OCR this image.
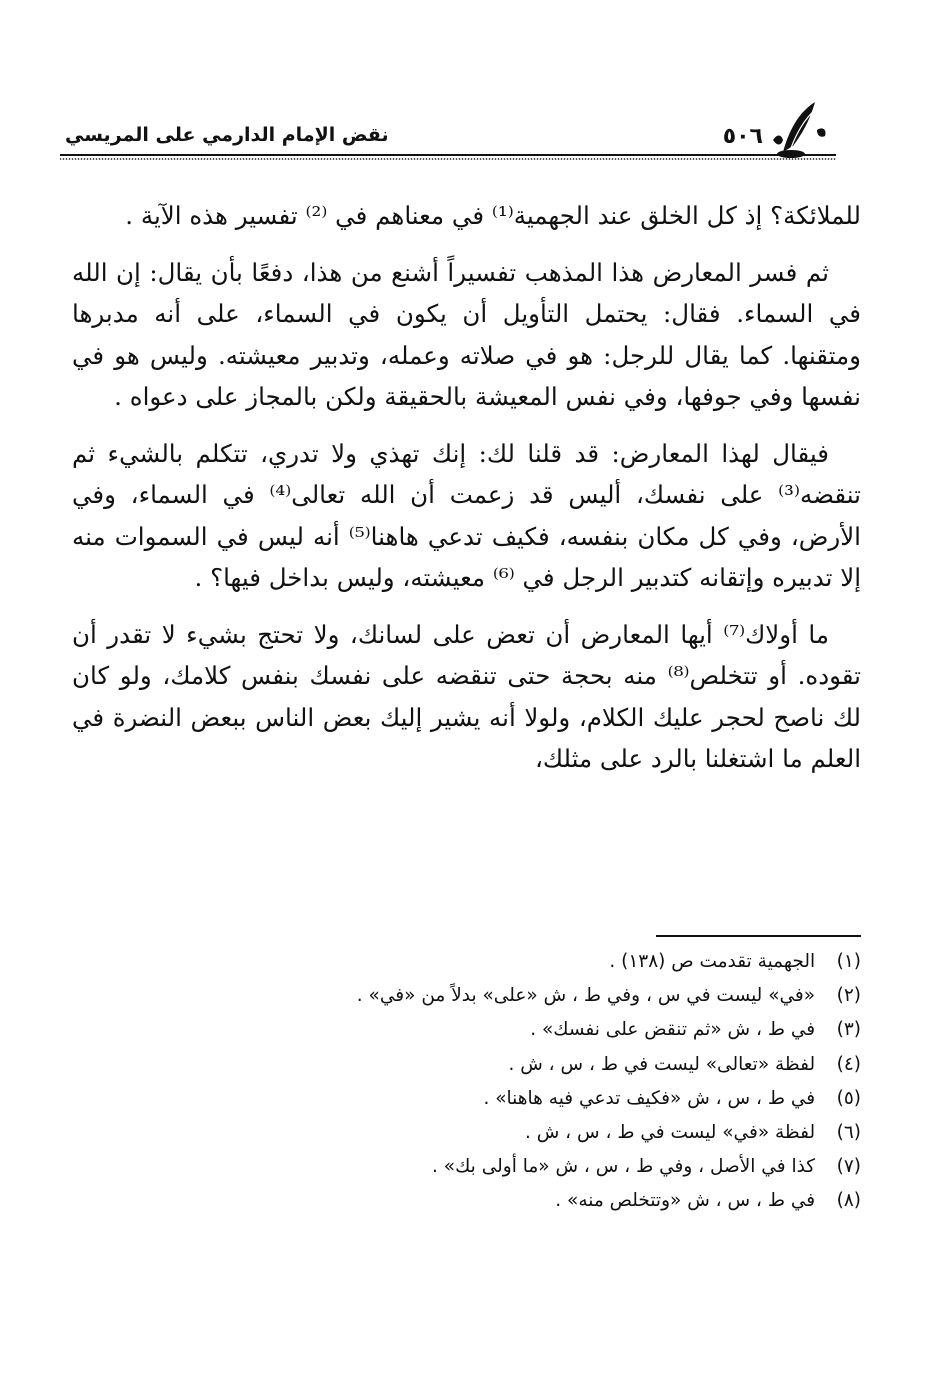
نقض الإمام الدارمي على المريسي	٥٠٦

للملائكة؟ إذ كل الخلق عند الجهمية⁽¹⁾ في معناهم في ⁽²⁾ تفسير هذه الآية .

ثم فسر المعارض هذا المذهب تفسيراً أشنع من هذا، دفعًا بأن يقال: إن الله في السماء. فقال: يحتمل التأويل أن يكون في السماء، على أنه مدبرها ومتقنها. كما يقال للرجل: هو في صلاته وعمله، وتدبير معيشته. وليس هو في نفسها وفي جوفها، وفي نفس المعيشة بالحقيقة ولكن بالمجاز على دعواه .

فيقال لهذا المعارض: قد قلنا لك: إنك تهذي ولا تدري، تتكلم بالشيء ثم تنقضه⁽³⁾ على نفسك، أليس قد زعمت أن الله تعالى⁽⁴⁾ في السماء، وفي الأرض، وفي كل مكان بنفسه، فكيف تدعي هاهنا⁽⁵⁾ أنه ليس في السموات منه إلا تدبيره وإتقانه كتدبير الرجل في ⁽⁶⁾ معيشته، وليس بداخل فيها؟ .

ما أولاك⁽⁷⁾ أيها المعارض أن تعض على لسانك، ولا تحتج بشيء لا تقدر أن تقوده. أو تتخلص⁽⁸⁾ منه بحجة حتى تنقضه على نفسك بنفس كلامك، ولو كان لك ناصح لحجر عليك الكلام، ولولا أنه يشير إليك بعض الناس ببعض النضرة في العلم ما اشتغلنا بالرد على مثلك،

(١) الجهمية تقدمت ص (١٣٨) .
(٢) «في» ليست في س ، وفي ط ، ش «على» بدلاً من «في» .
(٣) في ط ، ش «ثم تنقض على نفسك» .
(٤) لفظة «تعالى» ليست في ط ، س ، ش .
(٥) في ط ، س ، ش «فكيف تدعي فيه هاهنا» .
(٦) لفظة «في» ليست في ط ، س ، ش .
(٧) كذا في الأصل ، وفي ط ، س ، ش «ما أولى بك» .
(٨) في ط ، س ، ش «وتتخلص منه» .
